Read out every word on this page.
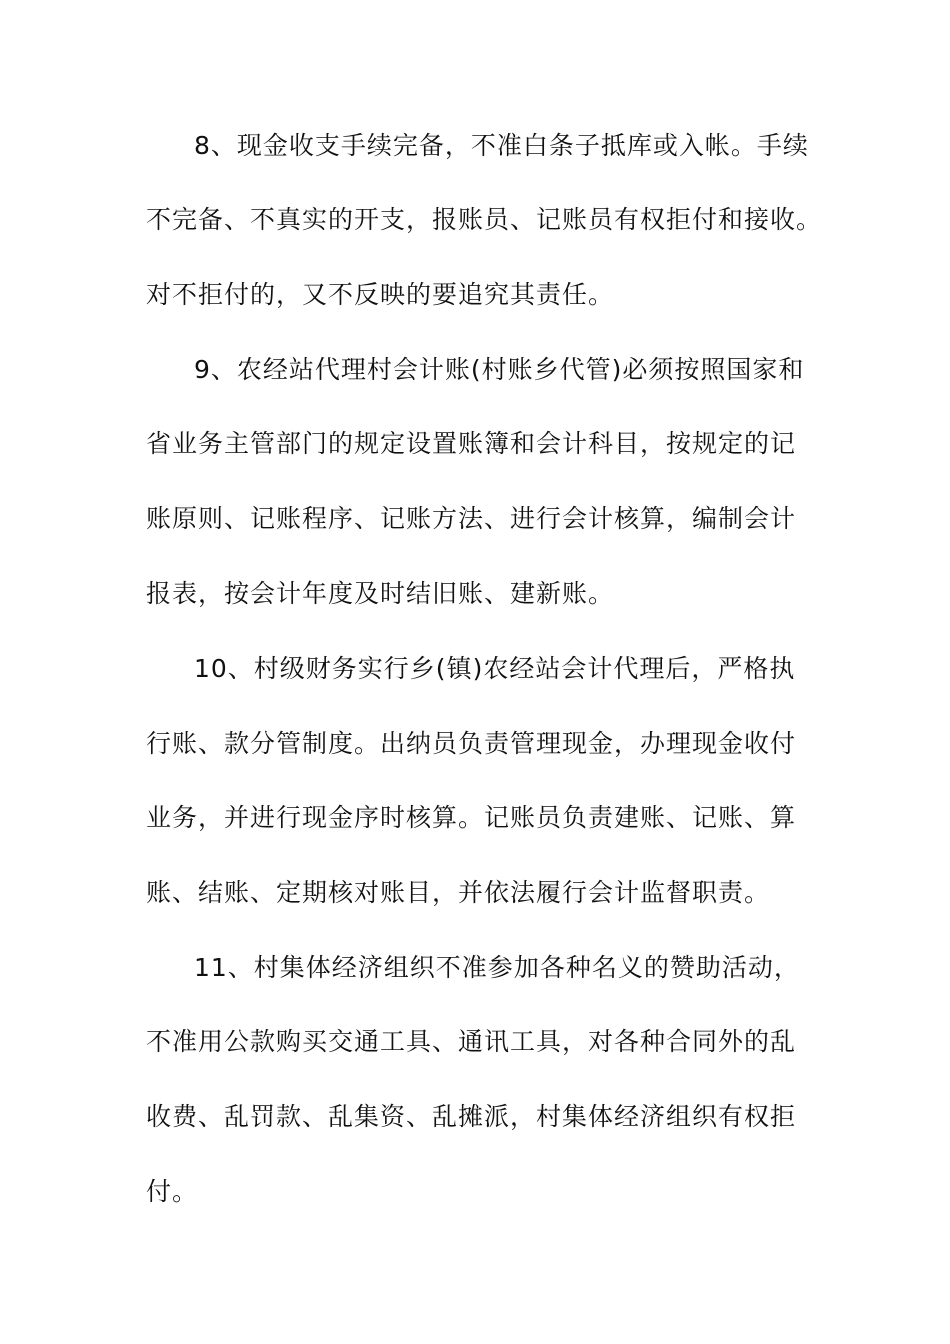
8、现金收支手续完备，不准白条子抵库或入帐。手续
不完备、不真实的开支，报账员、记账员有权拒付和接收。
对不拒付的，又不反映的要追究其责任。
9、农经站代理村会计账(村账乡代管)必须按照国家和
省业务主管部门的规定设置账簿和会计科目，按规定的记
账原则、记账程序、记账方法、进行会计核算，编制会计
报表，按会计年度及时结旧账、建新账。
10、村级财务实行乡(镇)农经站会计代理后，严格执
行账、款分管制度。出纳员负责管理现金，办理现金收付
业务，并进行现金序时核算。记账员负责建账、记账、算
账、结账、定期核对账目，并依法履行会计监督职责。
11、村集体经济组织不准参加各种名义的赞助活动，
不准用公款购买交通工具、通讯工具，对各种合同外的乱
收费、乱罚款、乱集资、乱摊派，村集体经济组织有权拒
付。
